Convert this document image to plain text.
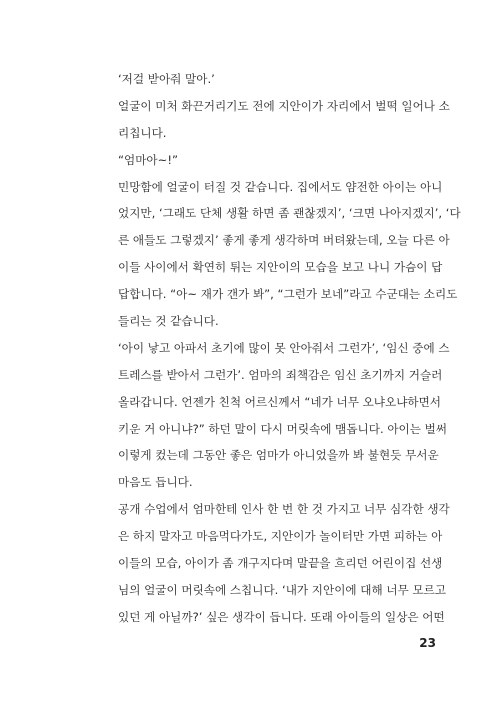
‘저걸 받아줘 말아.’
얼굴이 미처 화끈거리기도 전에 지안이가 자리에서 벌떡 일어나 소
리칩니다.
“엄마아~!”
민망함에 얼굴이 터질 것 같습니다. 집에서도 얌전한 아이는 아니
었지만, ‘그래도 단체 생활 하면 좀 괜찮겠지’, ‘크면 나아지겠지’, ‘다
른 애들도 그렇겠지’ 좋게 좋게 생각하며 버텨왔는데, 오늘 다른 아
이들 사이에서 확연히 튀는 지안이의 모습을 보고 나니 가슴이 답
답합니다. “아~ 재가 갠가 봐”, “그런가 보네”라고 수군대는 소리도
들리는 것 같습니다.
‘아이 낳고 아파서 초기에 많이 못 안아줘서 그런가’, ‘임신 중에 스
트레스를 받아서 그런가’. 엄마의 죄책감은 임신 초기까지 거슬러
올라갑니다. 언젠가 친척 어르신께서 “네가 너무 오냐오냐하면서
키운 거 아니냐?” 하던 말이 다시 머릿속에 맴돕니다. 아이는 벌써
이렇게 컸는데 그동안 좋은 엄마가 아니었을까 봐 불현듯 무서운
마음도 듭니다.
공개 수업에서 엄마한테 인사 한 번 한 것 가지고 너무 심각한 생각
은 하지 말자고 마음먹다가도, 지안이가 놀이터만 가면 피하는 아
이들의 모습, 아이가 좀 개구지다며 말끝을 흐리던 어린이집 선생
님의 얼굴이 머릿속에 스칩니다. ‘내가 지안이에 대해 너무 모르고
있던 게 아닐까?’ 싶은 생각이 듭니다. 또래 아이들의 일상은 어떤
23
